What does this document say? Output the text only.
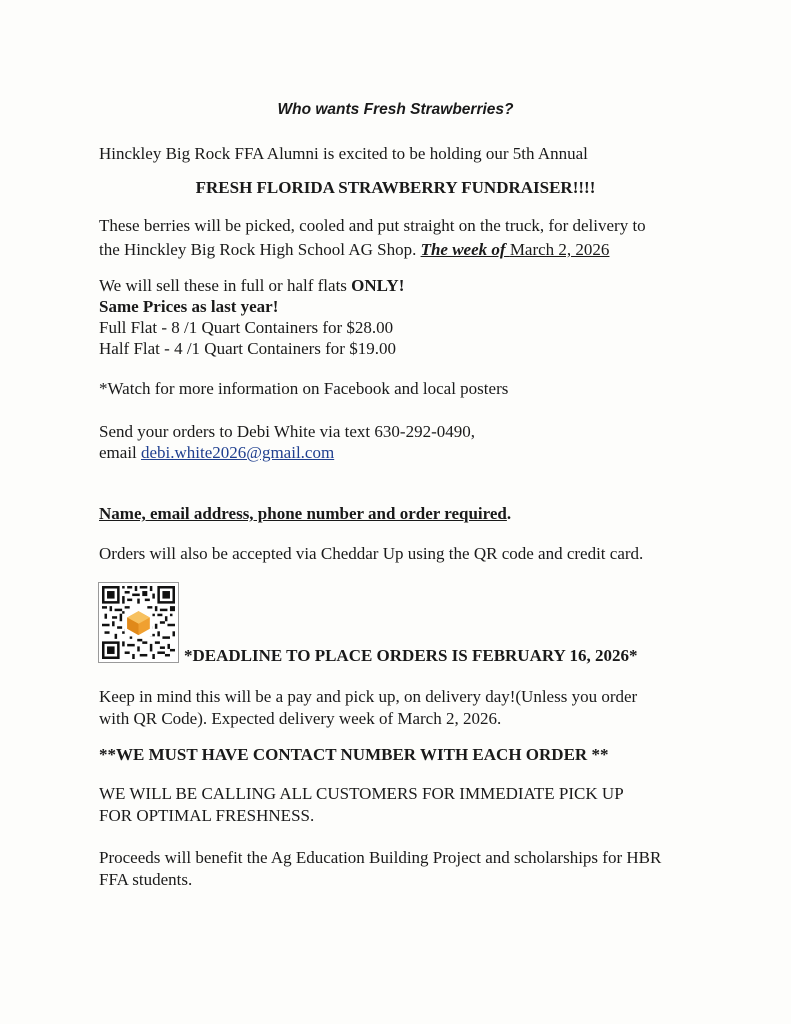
Who wants Fresh Strawberries?
Hinckley Big Rock FFA Alumni is excited to be holding our 5th Annual
FRESH FLORIDA STRAWBERRY FUNDRAISER!!!!
These berries will be picked, cooled and put straight on the truck, for delivery to
the Hinckley Big Rock High School AG Shop. The week of March 2, 2026
We will sell these in full or half flats ONLY!
Same Prices as last year!
Full Flat - 8 /1 Quart Containers for $28.00
Half Flat - 4 /1 Quart Containers for $19.00
*Watch for more information on Facebook and local posters
Send your orders to Debi White via text 630-292-0490,
email debi.white2026@gmail.com
Name, email address, phone number and order required.
Orders will also be accepted via Cheddar Up using the QR code and credit card.
*DEADLINE TO PLACE ORDERS IS FEBRUARY 16, 2026*
Keep in mind this will be a pay and pick up, on delivery day!(Unless you order
with QR Code). Expected delivery week of March 2, 2026.
**WE MUST HAVE CONTACT NUMBER WITH EACH ORDER **
WE WILL BE CALLING ALL CUSTOMERS FOR IMMEDIATE PICK UP
FOR OPTIMAL FRESHNESS.
Proceeds will benefit the Ag Education Building Project and scholarships for HBR
FFA students.
